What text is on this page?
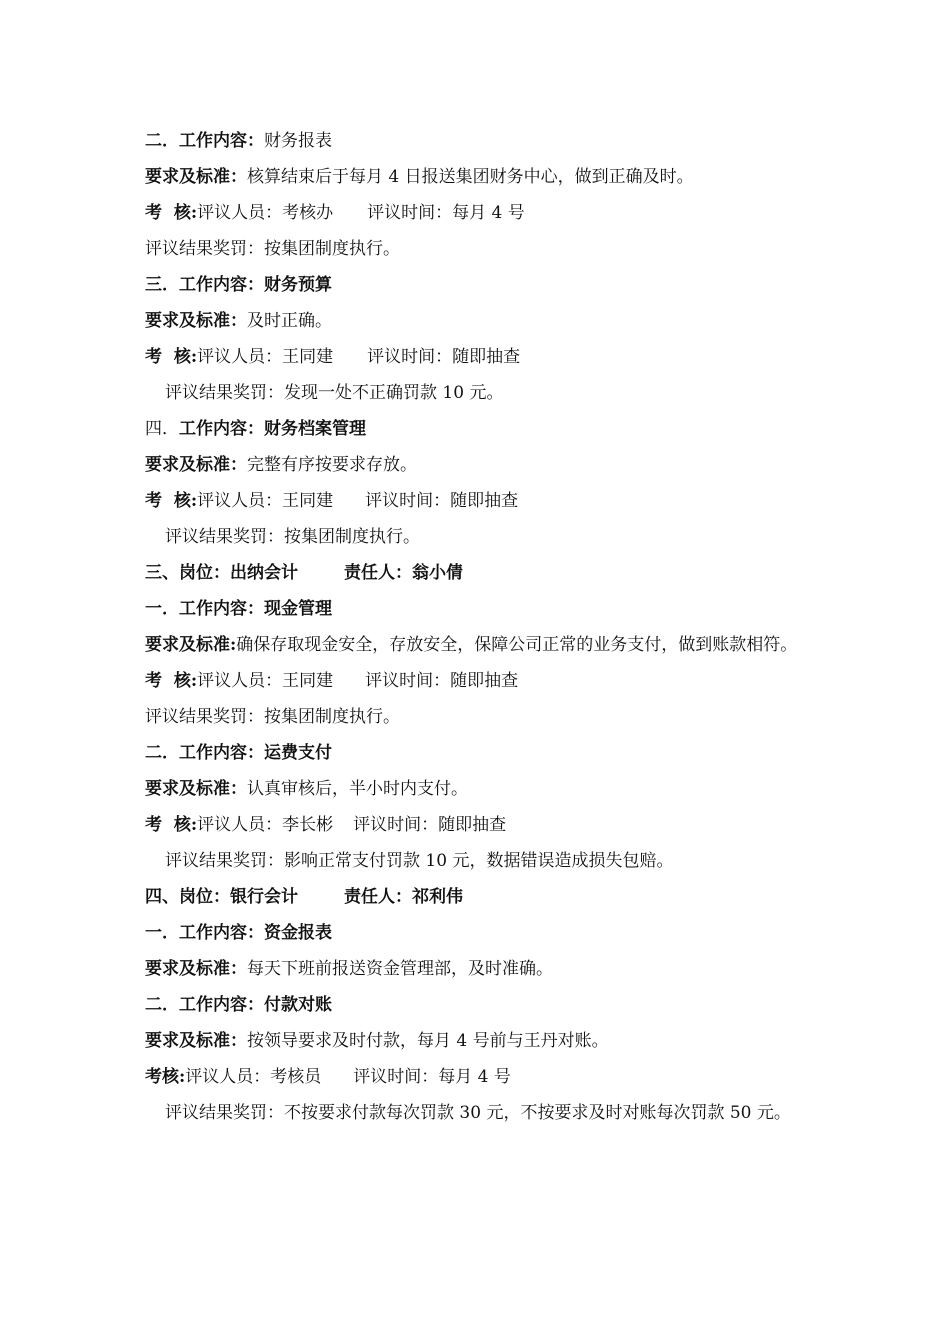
二．工作内容：财务报表
要求及标准：核算结束后于每月 4 日报送集团财务中心，做到正确及时。
考  核:评议人员：考核办 评议时间：每月 4 号
评议结果奖罚：按集团制度执行。
三．工作内容：财务预算
要求及标准：及时正确。
考  核:评议人员：王同建 评议时间：随即抽查
评议结果奖罚：发现一处不正确罚款 10 元。
四．工作内容：财务档案管理
要求及标准：完整有序按要求存放。
考  核:评议人员：王同建 评议时间：随即抽查
评议结果奖罚：按集团制度执行。
三、岗位：出纳会计	责任人：翁小倩
一．工作内容：现金管理
要求及标准:确保存取现金安全，存放安全，保障公司正常的业务支付，做到账款相符。
考  核:评议人员：王同建 评议时间：随即抽查
评议结果奖罚：按集团制度执行。
二．工作内容：运费支付
要求及标准：认真审核后，半小时内支付。
考  核:评议人员：李长彬 评议时间：随即抽查
评议结果奖罚：影响正常支付罚款 10 元，数据错误造成损失包赔。
四、岗位：银行会计	责任人：祁利伟
一．工作内容：资金报表
要求及标准：每天下班前报送资金管理部，及时准确。
二．工作内容：付款对账
要求及标准：按领导要求及时付款，每月 4 号前与王丹对账。
考核:评议人员：考核员 评议时间：每月 4 号
评议结果奖罚：不按要求付款每次罚款 30 元，不按要求及时对账每次罚款 50 元。
